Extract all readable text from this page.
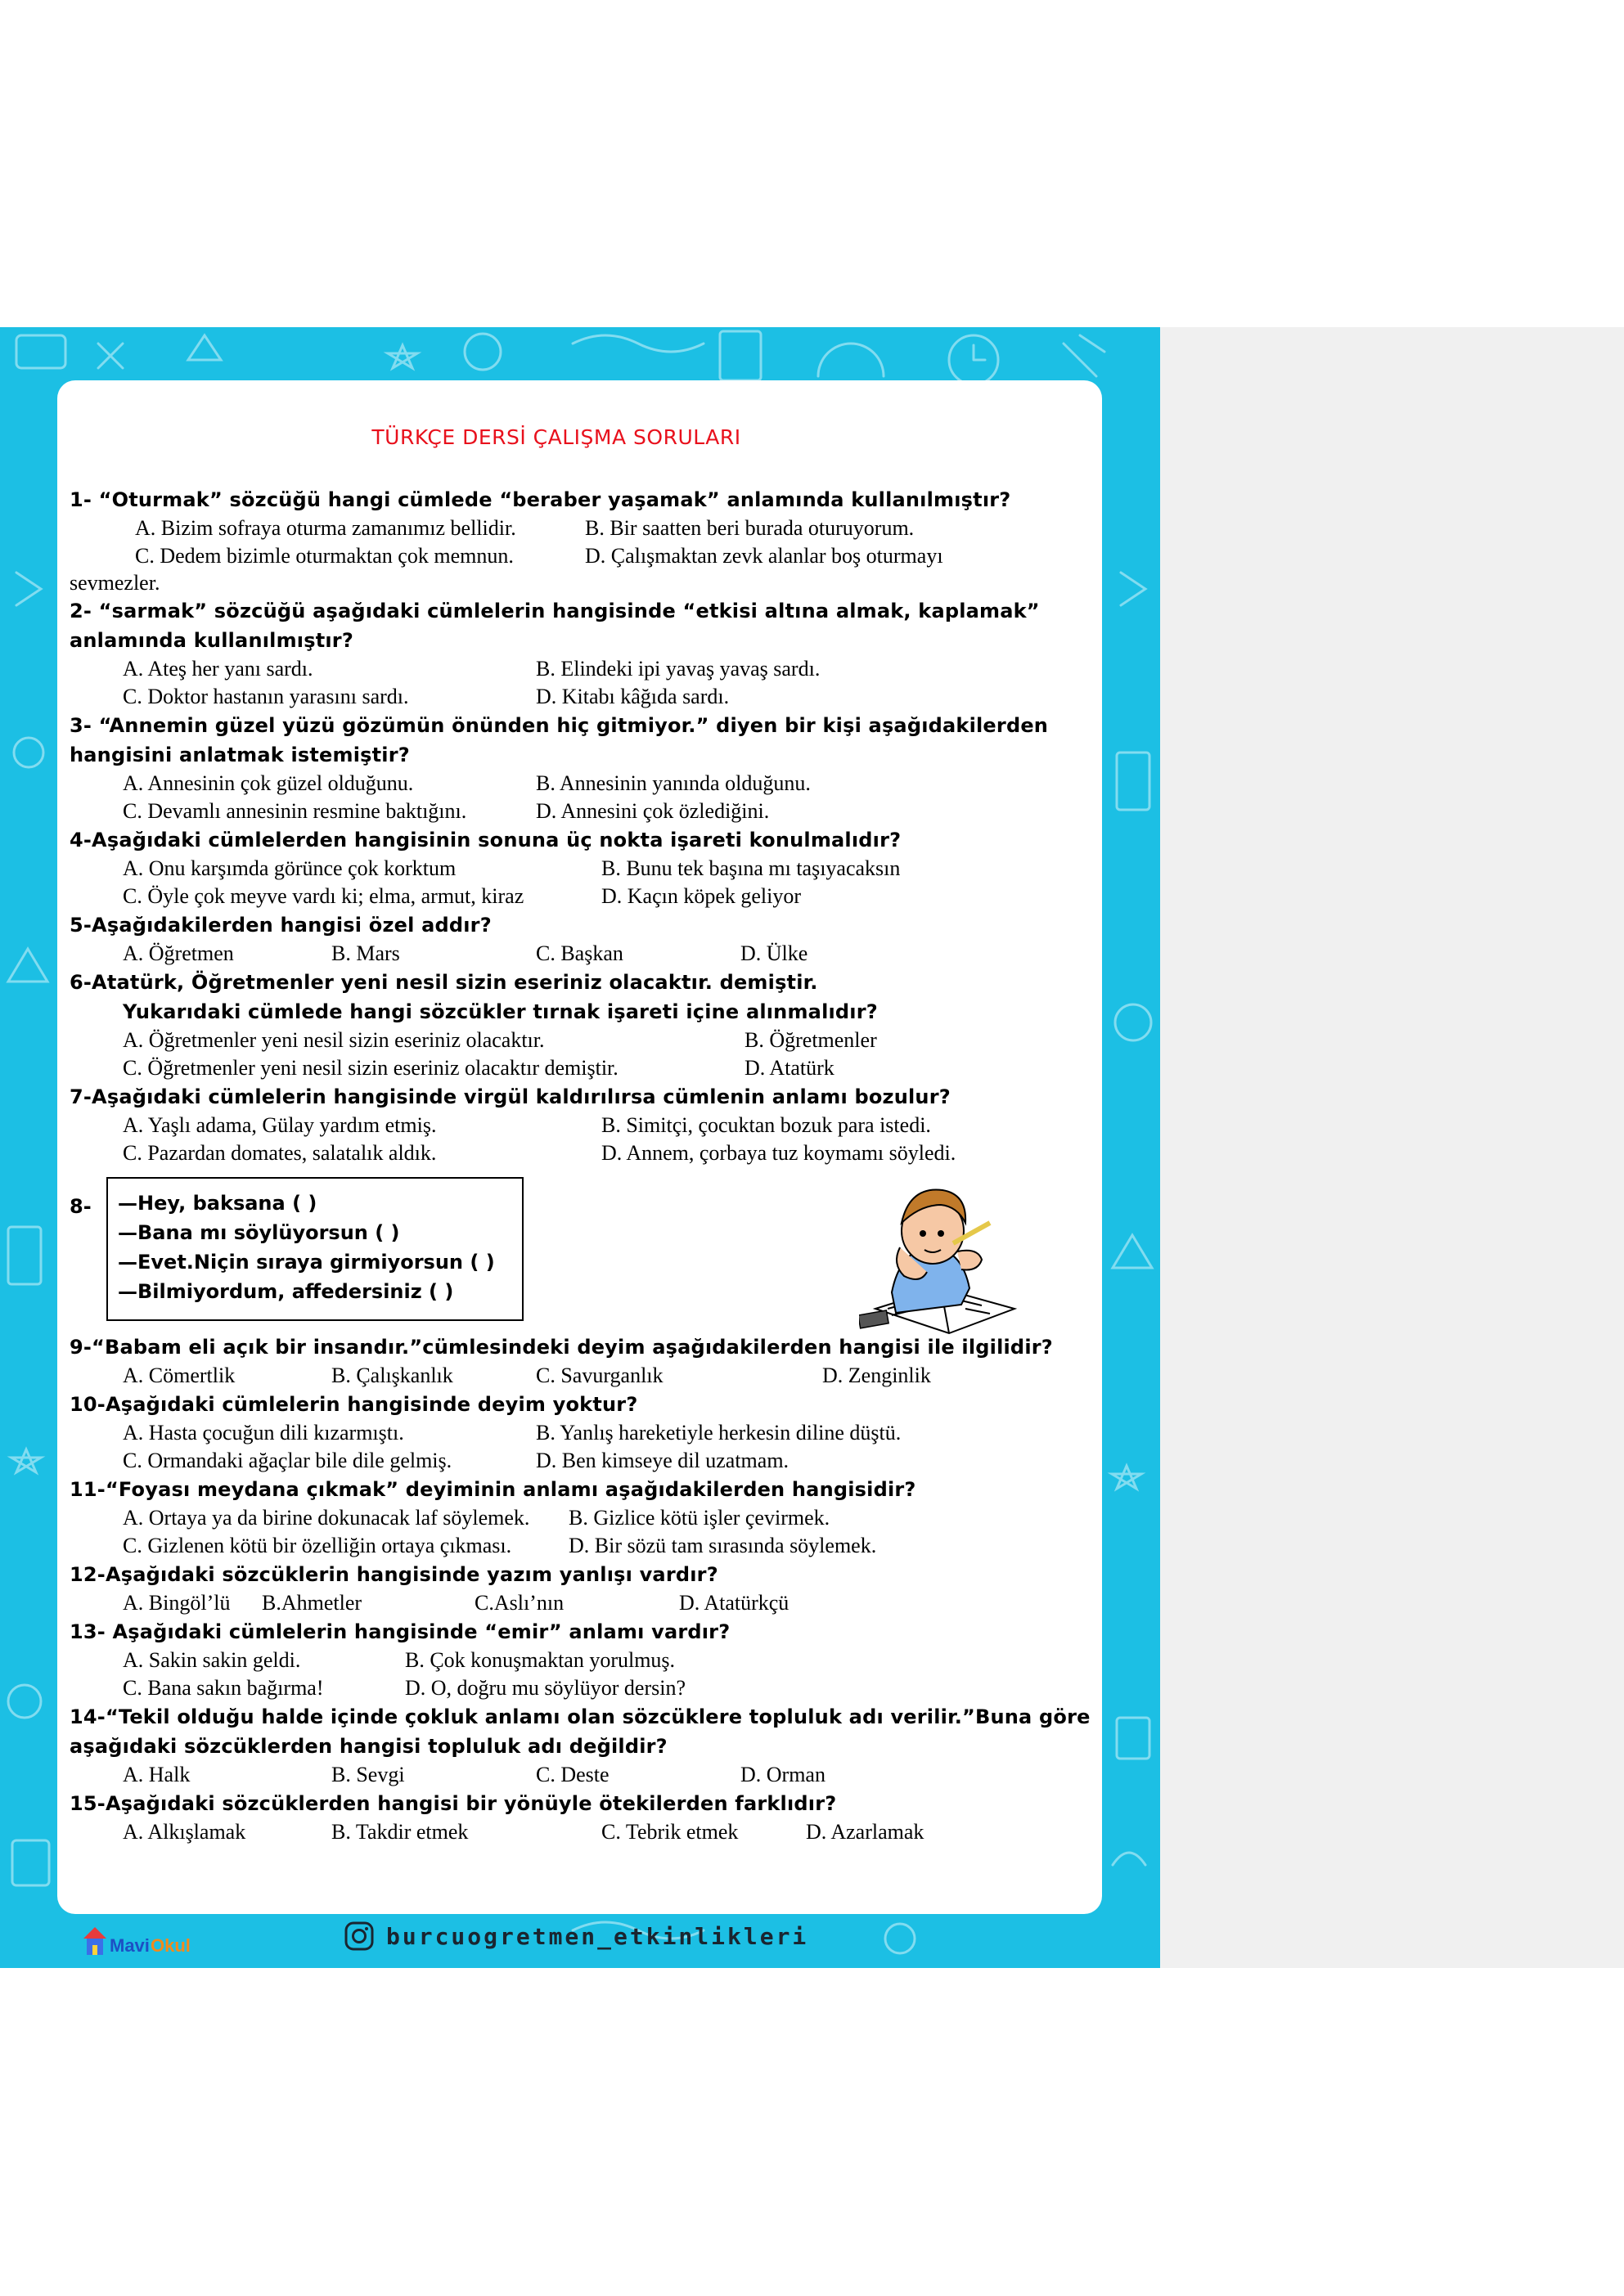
TÜRKÇE DERSİ ÇALIŞMA SORULARI
1- “Oturmak” sözcüğü hangi cümlede “beraber yaşamak” anlamında kullanılmıştır?
A. Bizim sofraya oturma zamanımız bellidir.	B. Bir saatten beri burada oturuyorum.
C. Dedem bizimle oturmaktan çok memnun.	D. Çalışmaktan zevk alanlar boş oturmayı
sevmezler.
2- “sarmak” sözcüğü aşağıdaki cümlelerin hangisinde “etkisi altına almak, kaplamak” anlamında kullanılmıştır?
A. Ateş her yanı sardı.	B. Elindeki ipi yavaş yavaş sardı.
C. Doktor hastanın yarasını sardı.	D. Kitabı kâğıda sardı.
3- “Annemin güzel yüzü gözümün önünden hiç gitmiyor.” diyen bir kişi aşağıdakilerden hangisini anlatmak istemiştir?
A. Annesinin çok güzel olduğunu.	B. Annesinin yanında olduğunu.
C. Devamlı annesinin resmine baktığını.	D. Annesini çok özlediğini.
4-Aşağıdaki cümlelerden hangisinin sonuna üç nokta işareti konulmalıdır?
A. Onu karşımda görünce çok korktum	B. Bunu tek başına mı taşıyacaksın
C. Öyle çok meyve vardı ki; elma, armut, kiraz	D. Kaçın köpek geliyor
5-Aşağıdakilerden hangisi özel addır?
A. Öğretmen	B. Mars	C. Başkan	D. Ülke
6-Atatürk, Öğretmenler yeni nesil sizin eseriniz olacaktır. demiştir.
Yukarıdaki cümlede hangi sözcükler tırnak işareti içine alınmalıdır?
A. Öğretmenler yeni nesil sizin eseriniz olacaktır.	B. Öğretmenler
C. Öğretmenler yeni nesil sizin eseriniz olacaktır demiştir.	D. Atatürk
7-Aşağıdaki cümlelerin hangisinde virgül kaldırılırsa cümlenin anlamı bozulur?
A. Yaşlı adama, Gülay yardım etmiş.	B. Simitçi, çocuktan bozuk para istedi.
C. Pazardan domates, salatalık aldık.	D. Annem, çorbaya tuz koymamı söyledi.
8- —Hey, baksana ( )
—Bana mı söylüyorsun ( )
—Evet.Niçin sıraya girmiyorsun ( )
—Bilmiyordum, affedersiniz ( )
9-“Babam eli açık bir insandır.”cümlesindeki deyim aşağıdakilerden hangisi ile ilgilidir?
A. Cömertlik	B. Çalışkanlık	C. Savurganlık	D. Zenginlik
10-Aşağıdaki cümlelerin hangisinde deyim yoktur?
A. Hasta çocuğun dili kızarmıştı.	B. Yanlış hareketiyle herkesin diline düştü.
C. Ormandaki ağaçlar bile dile gelmiş.	D. Ben kimseye dil uzatmam.
11-“Foyası meydana çıkmak” deyiminin anlamı aşağıdakilerden hangisidir?
A. Ortaya ya da birine dokunacak laf söylemek. B. Gizlice kötü işler çevirmek.
C. Gizlenen kötü bir özelliğin ortaya çıkması.	D. Bir sözü tam sırasında söylemek.
12-Aşağıdaki sözcüklerin hangisinde yazım yanlışı vardır?
A. Bingöl’lü B.Ahmetler	C.Aslı’nın	D. Atatürkçü
13- Aşağıdaki cümlelerin hangisinde “emir” anlamı vardır?
A. Sakin sakin geldi.	B. Çok konuşmaktan yorulmuş.
C. Bana sakın bağırma!	D. O, doğru mu söylüyor dersin?
14-“Tekil olduğu halde içinde çokluk anlamı olan sözcüklere topluluk adı verilir.”Buna göre aşağıdaki sözcüklerden hangisi topluluk adı değildir?
A. Halk	B. Sevgi	C. Deste	D. Orman
15-Aşağıdaki sözcüklerden hangisi bir yönüyle ötekilerden farklıdır?
A. Alkışlamak	B. Takdir etmek	C. Tebrik etmek	D. Azarlamak
Mavi Okul	burcuogretmen_etkinlikleri
